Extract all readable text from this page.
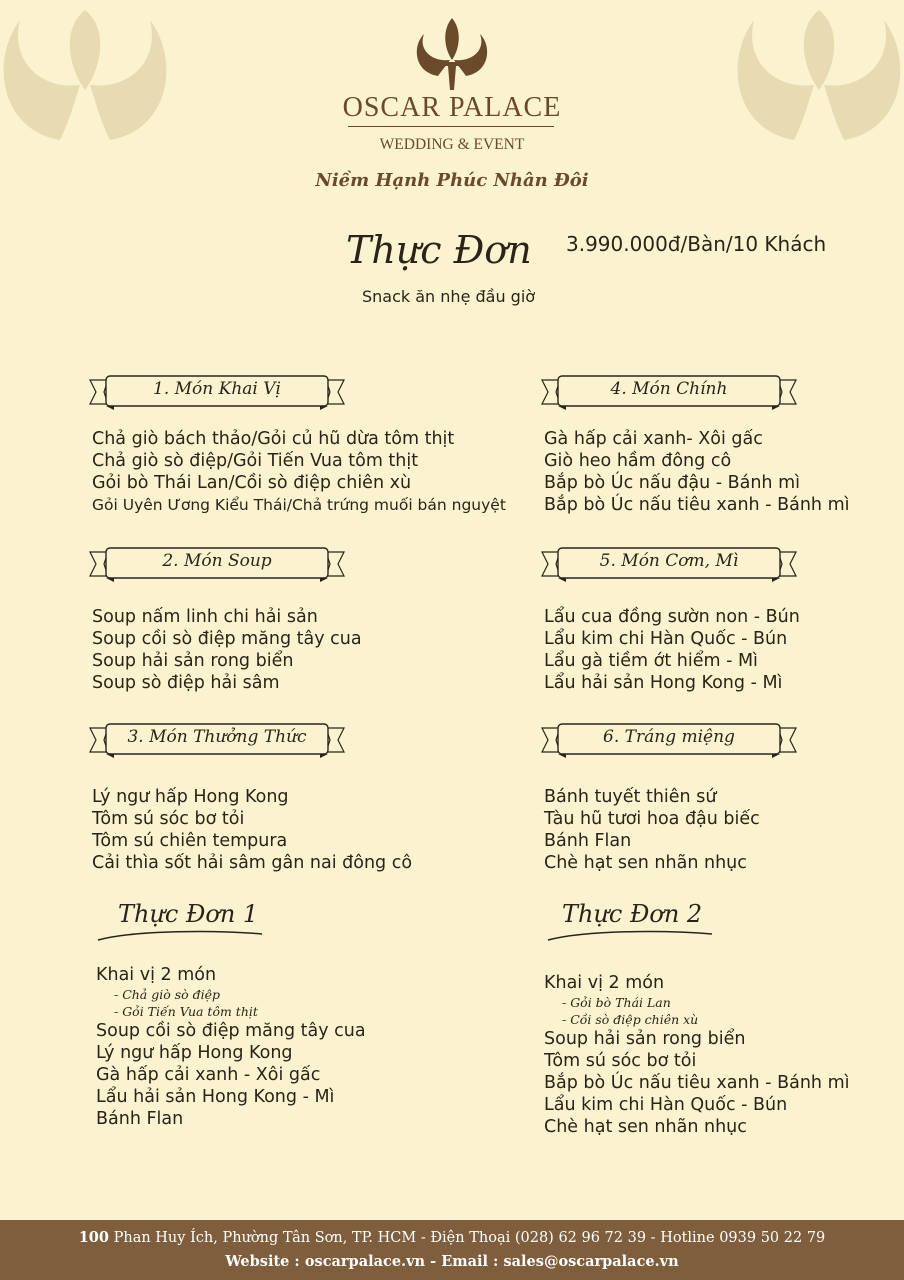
OSCAR PALACE
WEDDING & EVENT
Niềm Hạnh Phúc Nhân Đôi
Thực Đơn 3.990.000đ/Bàn/10 Khách
Snack ăn nhẹ đầu giờ
1. Món Khai Vị
Chả giò bách thảo/Gỏi củ hũ dừa tôm thịt
Chả giò sò điệp/Gỏi Tiến Vua tôm thịt
Gỏi bò Thái Lan/Cồi sò điệp chiên xù
Gỏi Uyên Ương Kiểu Thái/Chả trứng muối bán nguyệt
4. Món Chính
Gà hấp cải xanh- Xôi gấc
Giò heo hầm đông cô
Bắp bò Úc nấu đậu - Bánh mì
Bắp bò Úc nấu tiêu xanh - Bánh mì
2. Món Soup
Soup nấm linh chi hải sản
Soup cồi sò điệp măng tây cua
Soup hải sản rong biển
Soup sò điệp hải sâm
5. Món Cơm, Mì
Lẩu cua đồng sườn non - Bún
Lẩu kim chi Hàn Quốc - Bún
Lẩu gà tiềm ớt hiểm - Mì
Lẩu hải sản Hong Kong - Mì
3. Món Thưởng Thức
Lý ngư hấp Hong Kong
Tôm sú sóc bơ tỏi
Tôm sú chiên tempura
Cải thìa sốt hải sâm gân nai đông cô
6. Tráng miệng
Bánh tuyết thiên sứ
Tàu hũ tươi hoa đậu biếc
Bánh Flan
Chè hạt sen nhãn nhục
Thực Đơn 1
Khai vị 2 món
- Chả giò sò điệp
- Gỏi Tiến Vua tôm thịt
Soup cồi sò điệp măng tây cua
Lý ngư hấp Hong Kong
Gà hấp cải xanh - Xôi gấc
Lẩu hải sản Hong Kong - Mì
Bánh Flan
Thực Đơn 2
Khai vị 2 món
- Gỏi bò Thái Lan
- Cồi sò điệp chiên xù
Soup hải sản rong biển
Tôm sú sóc bơ tỏi
Bắp bò Úc nấu tiêu xanh - Bánh mì
Lẩu kim chi Hàn Quốc - Bún
Chè hạt sen nhãn nhục
100 Phan Huy Ích, Phường Tân Sơn, TP. HCM - Điện Thoại (028) 62 96 72 39 - Hotline 0939 50 22 79
Website : oscarpalace.vn - Email : sales@oscarpalace.vn
